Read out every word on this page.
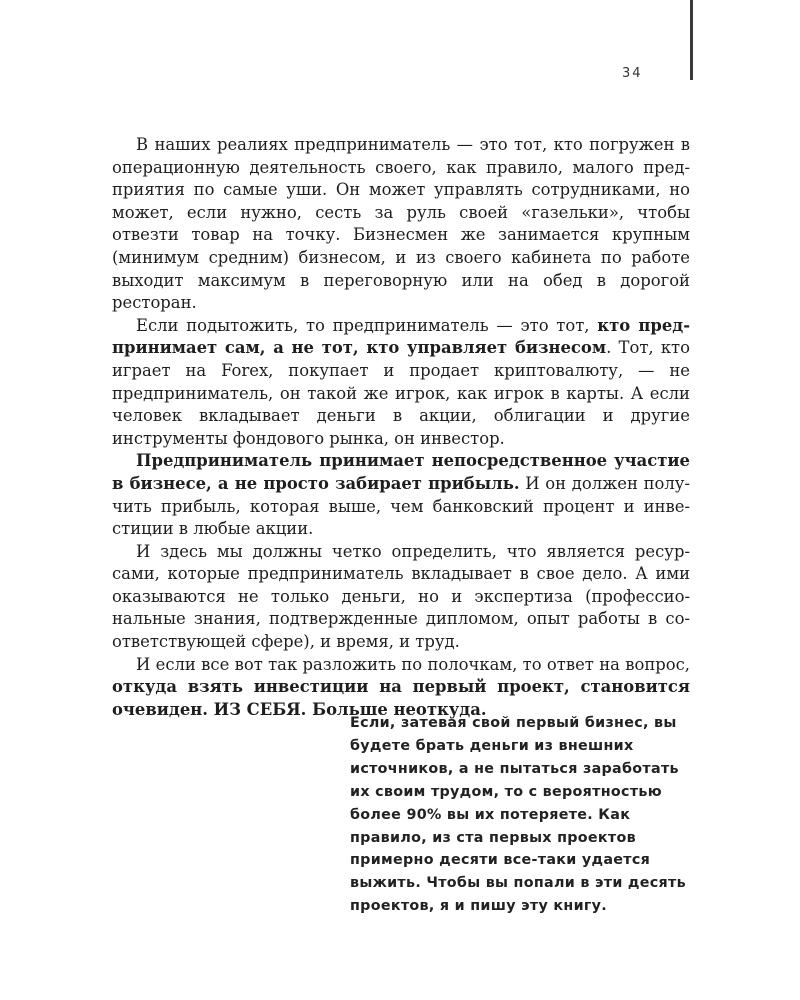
34

В наших реалиях предприниматель — это тот, кто погружен в операционную деятельность своего, как правило, малого предприятия по самые уши. Он может управлять сотрудниками, но может, если нужно, сесть за руль своей «газельки», чтобы отвезти товар на точку. Бизнесмен же занимается крупным (минимум средним) бизнесом, и из своего кабинета по работе выходит максимум в переговорную или на обед в дорогой ресторан.

Если подытожить, то предприниматель — это тот, кто предпринимает сам, а не тот, кто управляет бизнесом. Тот, кто играет на Forex, покупает и продает криптовалюту, — не предприниматель, он такой же игрок, как игрок в карты. А если человек вкладывает деньги в акции, облигации и другие инструменты фондового рынка, он инвестор.

Предприниматель принимает непосредственное участие в бизнесе, а не просто забирает прибыль. И он должен получить прибыль, которая выше, чем банковский процент и инвестиции в любые акции.

И здесь мы должны четко определить, что является ресурсами, которые предприниматель вкладывает в свое дело. А ими оказываются не только деньги, но и экспертиза (профессиональные знания, подтвержденные дипломом, опыт работы в соответствующей сфере), и время, и труд.

И если все вот так разложить по полочкам, то ответ на вопрос, откуда взять инвестиции на первый проект, становится очевиден. ИЗ СЕБЯ. Больше неоткуда.

Если, затевая свой первый бизнес, вы будете брать деньги из внешних источников, а не пытаться заработать их своим трудом, то с вероятностью более 90% вы их потеряете. Как правило, из ста первых проектов примерно десяти все-таки удается выжить. Чтобы вы попали в эти десять проектов, я и пишу эту книгу.
